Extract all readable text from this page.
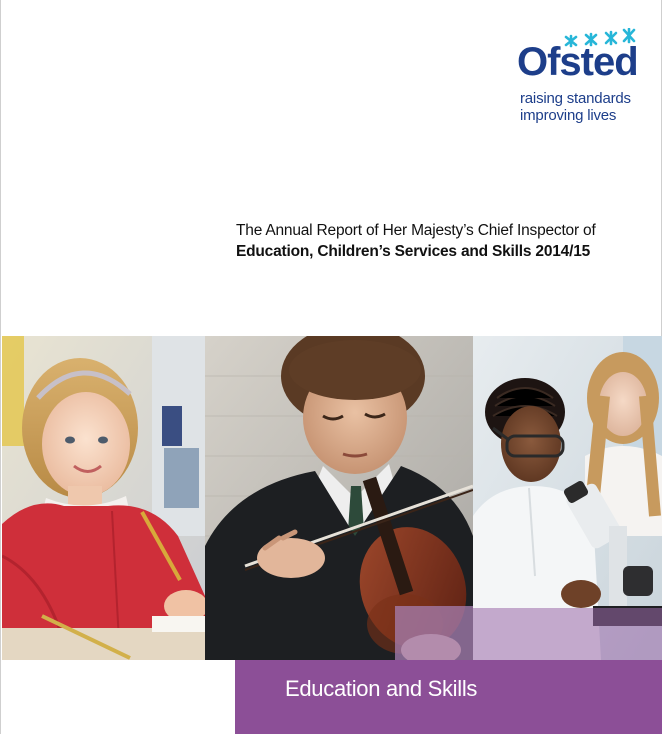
Ofsted
raising standards
improving lives
The Annual Report of Her Majesty’s Chief Inspector of
Education, Children’s Services and Skills 2014/15
Education and Skills
